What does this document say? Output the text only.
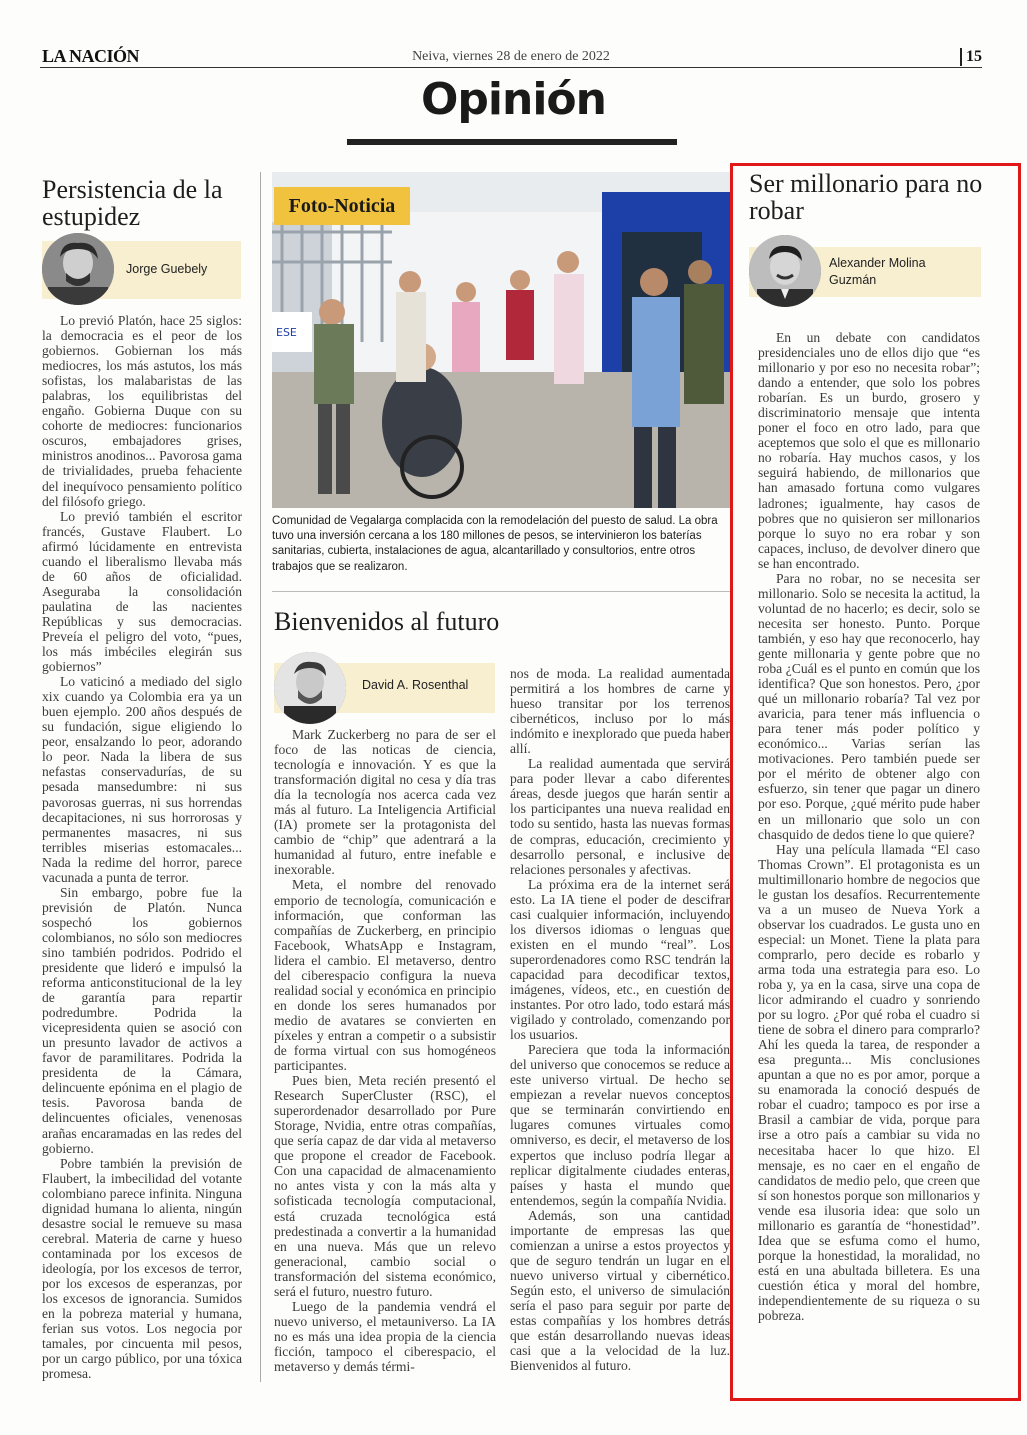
LA NACIÓN	Neiva, viernes 28 de enero de 2022	15
Opinión
Persistencia de la estupidez
Jorge Guebely

Lo previó Platón, hace 25 siglos: la democracia es el peor de los gobiernos. Gobiernan los más mediocres, los más astutos, los más sofistas, los malabaristas de las palabras, los equilibristas del engaño. Gobierna Duque con su cohorte de mediocres: funcionarios oscuros, embajadores grises, ministros anodinos... Pavorosa gama de trivialidades, prueba fehaciente del inequívoco pensamiento político del filósofo griego.

Lo previó también el escritor francés, Gustave Flaubert. Lo afirmó lúcidamente en entrevista cuando el liberalismo llevaba más de 60 años de oficialidad. Aseguraba la consolidación paulatina de las nacientes Repúblicas y sus democracias. Preveía el peligro del voto, “pues, los más imbéciles elegirán sus gobiernos”

Lo vaticinó a mediado del siglo xix cuando ya Colombia era ya un buen ejemplo. 200 años después de su fundación, sigue eligiendo lo peor, ensalzando lo peor, adorando lo peor. Nada la libera de sus nefastas conservadurías, de su pesada mansedumbre: ni sus pavorosas guerras, ni sus horrendas decapitaciones, ni sus horrorosas y permanentes masacres, ni sus terribles miserias estomacales... Nada la redime del horror, parece vacunada a punta de terror.

Sin embargo, pobre fue la previsión de Platón. Nunca sospechó los gobiernos colombianos, no sólo son mediocres sino también podridos. Podrido el presidente que lideró e impulsó la reforma anticonstitucional de la ley de garantía para repartir podredumbre. Podrida la vicepresidenta quien se asoció con un presunto lavador de activos a favor de paramilitares. Podrida la presidenta de la Cámara, delincuente epónima en el plagio de tesis. Pavorosa banda de delincuentes oficiales, venenosas arañas encaramadas en las redes del gobierno.

Pobre también la previsión de Flaubert, la imbecilidad del votante colombiano parece infinita. Ninguna dignidad humana lo alienta, ningún desastre social le remueve su masa cerebral. Materia de carne y hueso contaminada por los excesos de ideología, por los excesos de terror, por los excesos de esperanzas, por los excesos de ignorancia. Sumidos en la pobreza material y humana, ferian sus votos. Los negocia por tamales, por cincuenta mil pesos, por un cargo público, por una tóxica promesa.

ESE
Foto-Noticia
Comunidad de Vegalarga complacida con la remodelación del puesto de salud. La obra tuvo una inversión cercana a los 180 millones de pesos, se intervinieron los baterías sanitarias, cubierta, instalaciones de agua, alcantarillado y consultorios, entre otros trabajos que se realizaron.
Bienvenidos al futuro
David A. Rosenthal

Mark Zuckerberg no para de ser el foco de las noticas de ciencia, tecnología e innovación. Y es que la transformación digital no cesa y día tras día la tecnología nos acerca cada vez más al futuro. La Inteligencia Artificial (IA) promete ser la protagonista del cambio de “chip” que adentrará a la humanidad al futuro, entre inefable e inexorable.

Meta, el nombre del renovado emporio de tecnología, comunicación e información, que conforman las compañías de Zuckerberg, en principio Facebook, WhatsApp e Instagram, lidera el cambio. El metaverso, dentro del ciberespacio configura la nueva realidad social y económica en principio en donde los seres humanados por medio de avatares se convierten en píxeles y entran a competir o a subsistir de forma virtual con sus homogéneos participantes.

Pues bien, Meta recién presentó el Research SuperCluster (RSC), el superordenador desarrollado por Pure Storage, Nvidia, entre otras compañías, que sería capaz de dar vida al metaverso que propone el creador de Facebook. Con una capacidad de almacenamiento no antes vista y con la más alta y sofisticada tecnología computacional, está cruzada tecnológica está predestinada a convertir a la humanidad en una nueva. Más que un relevo generacional, cambio social o transformación del sistema económico, será el futuro, nuestro futuro.

Luego de la pandemia vendrá el nuevo universo, el metauniverso. La IA no es más una idea propia de la ciencia ficción, tampoco el ciberespacio, el metaverso y demás térmi-

nos de moda. La realidad aumentada permitirá a los hombres de carne y hueso transitar por los terrenos cibernéticos, incluso por lo más indómito e inexplorado que pueda haber allí.

La realidad aumentada que servirá para poder llevar a cabo diferentes áreas, desde juegos que harán sentir a los participantes una nueva realidad en todo su sentido, hasta las nuevas formas de compras, educación, crecimiento y desarrollo personal, e inclusive de relaciones personales y afectivas.

La próxima era de la internet será esto. La IA tiene el poder de descifrar casi cualquier información, incluyendo los diversos idiomas o lenguas que existen en el mundo “real”. Los superordenadores como RSC tendrán la capacidad para decodificar textos, imágenes, vídeos, etc., en cuestión de instantes. Por otro lado, todo estará más vigilado y controlado, comenzando por los usuarios.

Pareciera que toda la información del universo que conocemos se reduce a este universo virtual. De hecho se empiezan a revelar nuevos conceptos que se terminarán convirtiendo en lugares comunes virtuales como omniverso, es decir, el metaverso de los expertos que incluso podría llegar a replicar digitalmente ciudades enteras, países y hasta el mundo que entendemos, según la compañía Nvidia.

Además, son una cantidad importante de empresas las que comienzan a unirse a estos proyectos y que de seguro tendrán un lugar en el nuevo universo virtual y cibernético. Según esto, el universo de simulación sería el paso para seguir por parte de estas compañías y los hombres detrás que están desarrollando nuevas ideas casi que a la velocidad de la luz. Bienvenidos al futuro.

Ser millonario para no robar
Alexander Molina
Guzmán

En un debate con candidatos presidenciales uno de ellos dijo que “es millonario y por eso no necesita robar”; dando a entender, que solo los pobres robarían. Es un burdo, grosero y discriminatorio mensaje que intenta poner el foco en otro lado, para que aceptemos que solo el que es millonario no robaría. Hay muchos casos, y los seguirá habiendo, de millonarios que han amasado fortuna como vulgares ladrones; igualmente, hay casos de pobres que no quisieron ser millonarios porque lo suyo no era robar y son capaces, incluso, de devolver dinero que se han encontrado.

Para no robar, no se necesita ser millonario. Solo se necesita la actitud, la voluntad de no hacerlo; es decir, solo se necesita ser honesto. Punto. Porque también, y eso hay que reconocerlo, hay gente millonaria y gente pobre que no roba ¿Cuál es el punto en común que los identifica? Que son honestos. Pero, ¿por qué un millonario robaría? Tal vez por avaricia, para tener más influencia o para tener más poder político y económico... Varias serían las motivaciones. Pero también puede ser por el mérito de obtener algo con esfuerzo, sin tener que pagar un dinero por eso. Porque, ¿qué mérito pude haber en un millonario que solo un con chasquido de dedos tiene lo que quiere?

Hay una película llamada “El caso Thomas Crown”. El protagonista es un multimillonario hombre de negocios que le gustan los desafíos. Recurrentemente va a un museo de Nueva York a observar los cuadrados. Le gusta uno en especial: un Monet. Tiene la plata para comprarlo, pero decide es robarlo y arma toda una estrategia para eso. Lo roba y, ya en la casa, sirve una copa de licor admirando el cuadro y sonriendo por su logro. ¿Por qué roba el cuadro si tiene de sobra el dinero para comprarlo? Ahí les queda la tarea, de responder a esa pregunta... Mis conclusiones apuntan a que no es por amor, porque a su enamorada la conoció después de robar el cuadro; tampoco es por irse a Brasil a cambiar de vida, porque para irse a otro país a cambiar su vida no necesitaba hacer lo que hizo. El mensaje, es no caer en el engaño de candidatos de medio pelo, que creen que sí son honestos porque son millonarios y vende esa ilusoria idea: que solo un millonario es garantía de “honestidad”. Idea que se esfuma como el humo, porque la honestidad, la moralidad, no está en una abultada billetera. Es una cuestión ética y moral del hombre, independientemente de su riqueza o su pobreza.
